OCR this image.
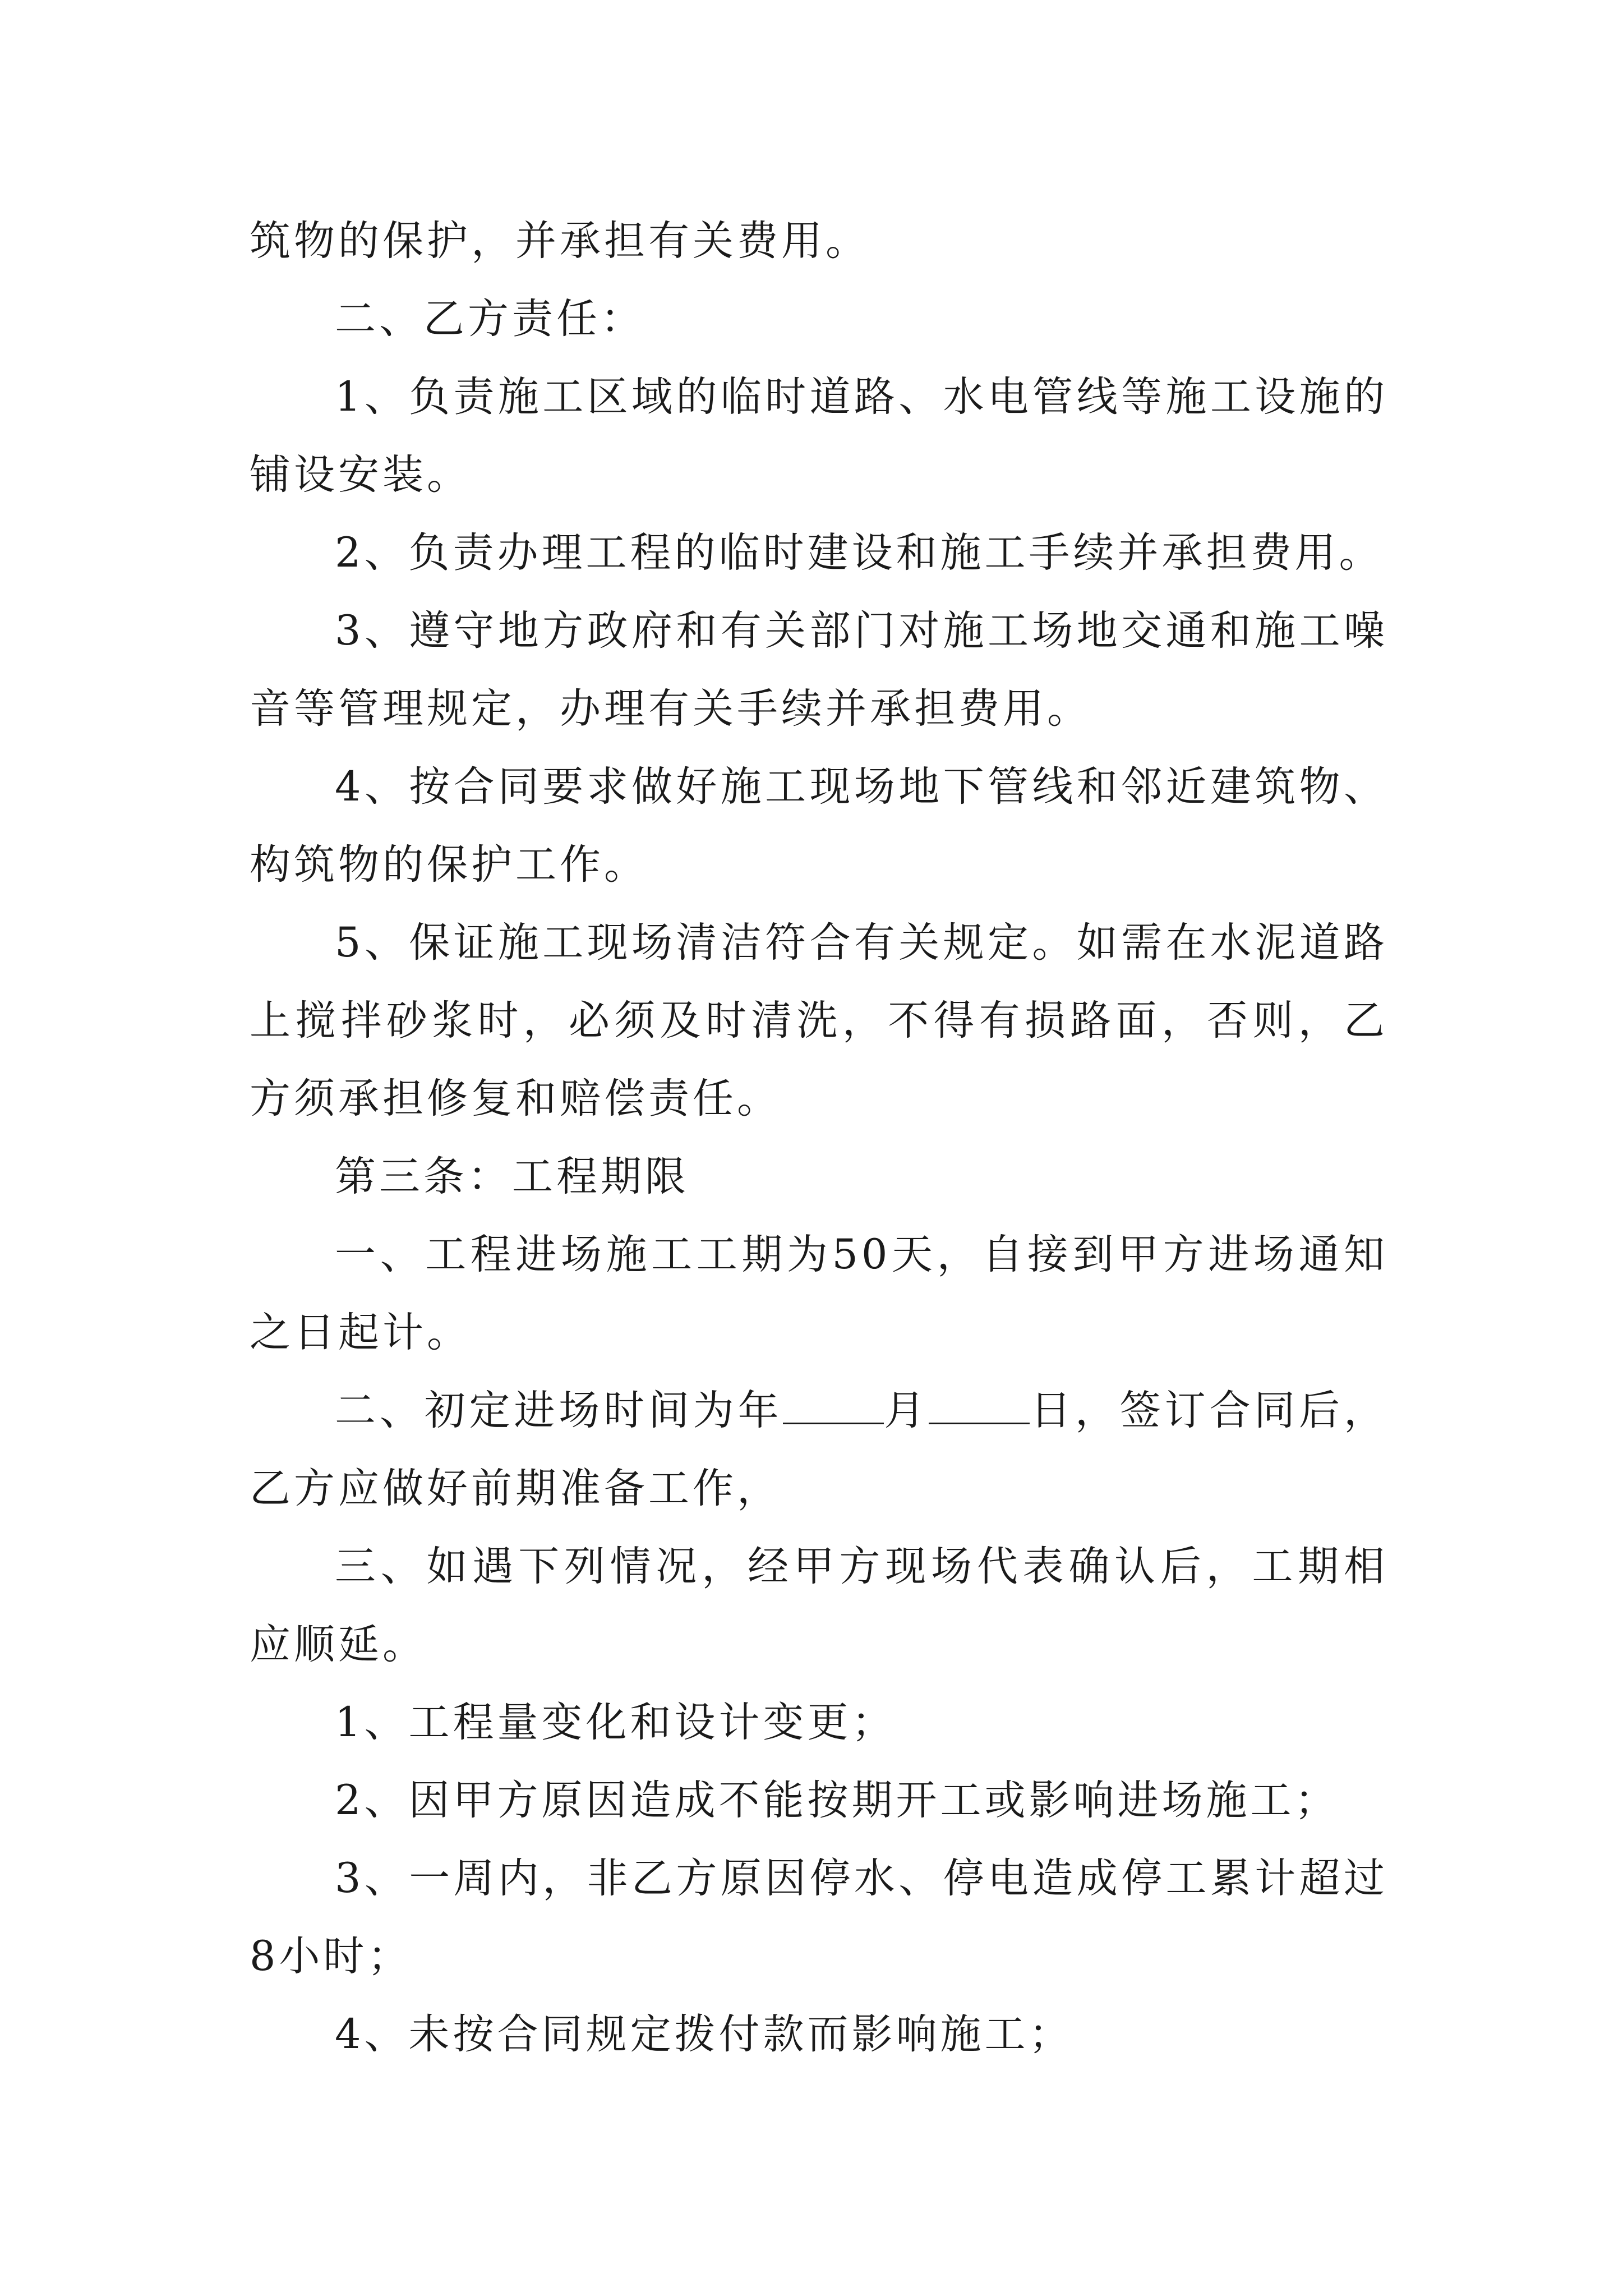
筑物的保护，并承担有关费用。

二、乙方责任：

1、负责施工区域的临时道路、水电管线等施工设施的铺设安装。

2、负责办理工程的临时建设和施工手续并承担费用。

3、遵守地方政府和有关部门对施工场地交通和施工噪音等管理规定，办理有关手续并承担费用。

4、按合同要求做好施工现场地下管线和邻近建筑物、构筑物的保护工作。

5、保证施工现场清洁符合有关规定。如需在水泥道路上搅拌砂浆时，必须及时清洗，不得有损路面，否则，乙方须承担修复和赔偿责任。

第三条：工程期限

一、工程进场施工工期为50天，自接到甲方进场通知之日起计。

二、初定进场时间为年 月 日，签订合同后，乙方应做好前期准备工作，

三、如遇下列情况，经甲方现场代表确认后，工期相应顺延。

1、工程量变化和设计变更；

2、因甲方原因造成不能按期开工或影响进场施工；

3、一周内，非乙方原因停水、停电造成停工累计超过8小时；

4、未按合同规定拨付款而影响施工；
